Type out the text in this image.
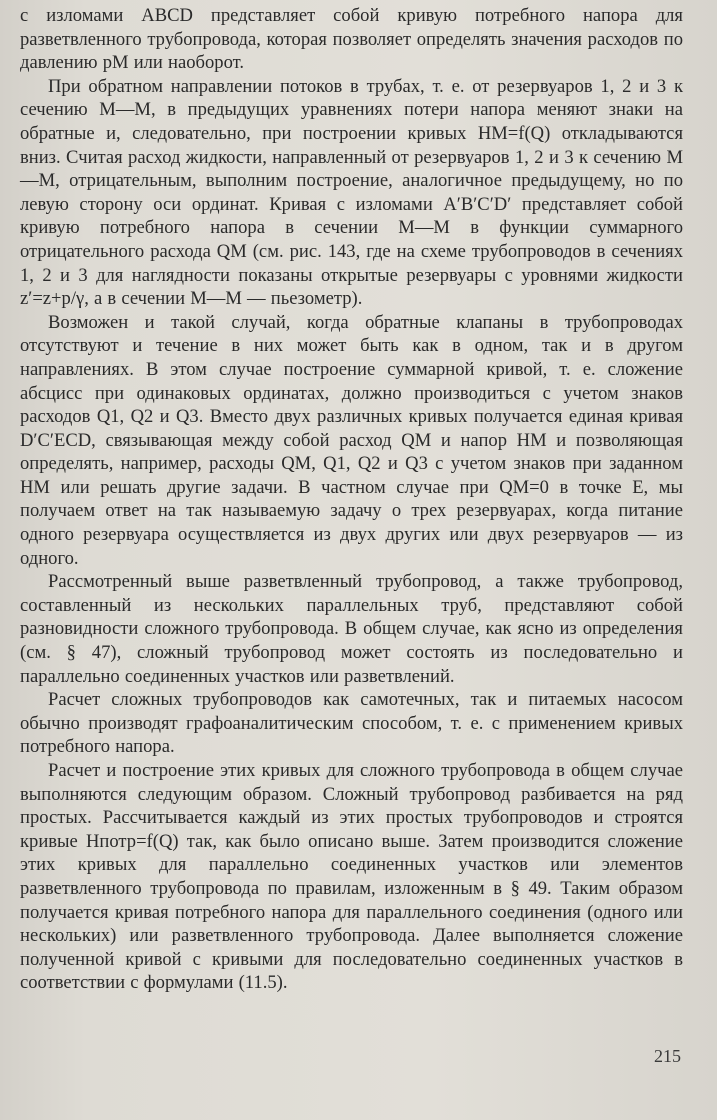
с изломами ABCD представляет собой кривую потребного напора для разветвленного трубопровода, которая позволяет определять значения расходов по давлению pM или наоборот.

При обратном направлении потоков в трубах, т. е. от резервуаров 1, 2 и 3 к сечению M—M, в предыдущих уравнениях потери напора меняют знаки на обратные и, следовательно, при построении кривых HM=f(Q) откладываются вниз. Считая расход жидкости, направленный от резервуаров 1, 2 и 3 к сечению M—M, отрицательным, выполним построение, аналогичное предыдущему, но по левую сторону оси ординат. Кривая с изломами A′B′C′D′ представляет собой кривую потребного напора в сечении M—M в функции суммарного отрицательного расхода QM (см. рис. 143, где на схеме трубопроводов в сечениях 1, 2 и 3 для наглядности показаны открытые резервуары с уровнями жидкости z′=z+p/γ, а в сечении M—M — пьезометр).

Возможен и такой случай, когда обратные клапаны в трубопроводах отсутствуют и течение в них может быть как в одном, так и в другом направлениях. В этом случае построение суммарной кривой, т. е. сложение абсцисс при одинаковых ординатах, должно производиться с учетом знаков расходов Q1, Q2 и Q3. Вместо двух различных кривых получается единая кривая D′C′ECD, связывающая между собой расход QM и напор HM и позволяющая определять, например, расходы QM, Q1, Q2 и Q3 с учетом знаков при заданном HM или решать другие задачи. В частном случае при QM=0 в точке E, мы получаем ответ на так называемую задачу о трех резервуарах, когда питание одного резервуара осуществляется из двух других или двух резервуаров — из одного.

Рассмотренный выше разветвленный трубопровод, а также трубопровод, составленный из нескольких параллельных труб, представляют собой разновидности сложного трубопровода. В общем случае, как ясно из определения (см. § 47), сложный трубопровод может состоять из последовательно и параллельно соединенных участков или разветвлений.

Расчет сложных трубопроводов как самотечных, так и питаемых насосом обычно производят графоаналитическим способом, т. е. с применением кривых потребного напора.

Расчет и построение этих кривых для сложного трубопровода в общем случае выполняются следующим образом. Сложный трубопровод разбивается на ряд простых. Рассчитывается каждый из этих простых трубопроводов и строятся кривые Hпотр=f(Q) так, как было описано выше. Затем производится сложение этих кривых для параллельно соединенных участков или элементов разветвленного трубопровода по правилам, изложенным в § 49. Таким образом получается кривая потребного напора для параллельного соединения (одного или нескольких) или разветвленного трубопровода. Далее выполняется сложение полученной кривой с кривыми для последовательно соединенных участков в соответствии с формулами (11.5).

215
